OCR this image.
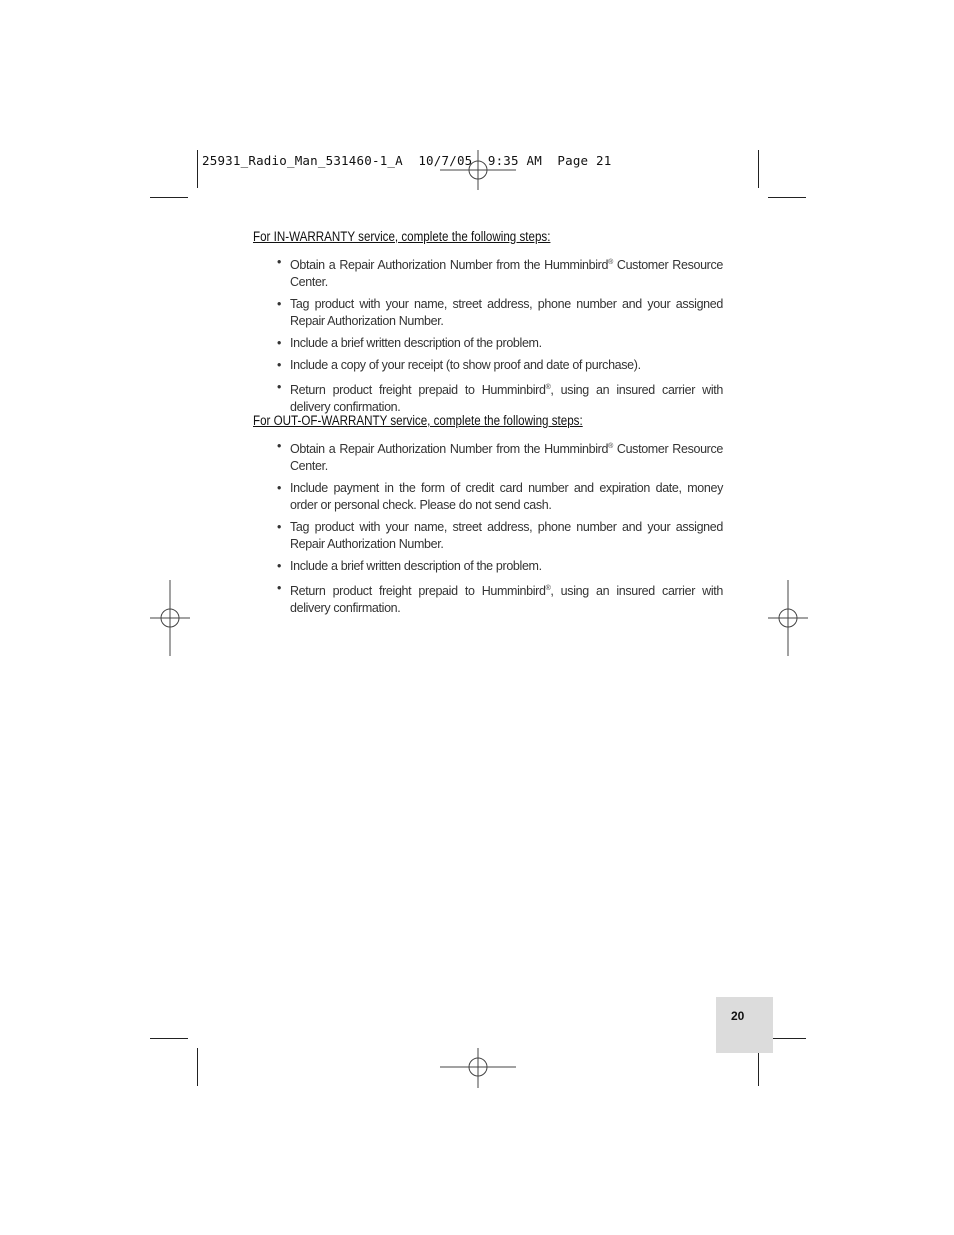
25931_Radio_Man_531460-1_A  10/7/05  9:35 AM  Page 21
For IN-WARRANTY service, complete the following steps:
• Obtain a Repair Authorization Number from the Humminbird® Customer Resource Center.
• Tag product with your name, street address, phone number and your assigned Repair Authorization Number.
• Include a brief written description of the problem.
• Include a copy of your receipt (to show proof and date of purchase).
• Return product freight prepaid to Humminbird®, using an insured carrier with delivery confirmation.
For OUT-OF-WARRANTY service, complete the following steps:
• Obtain a Repair Authorization Number from the Humminbird® Customer Resource Center.
• Include payment in the form of credit card number and expiration date, money order or personal check. Please do not send cash.
• Tag product with your name, street address, phone number and your assigned Repair Authorization Number.
• Include a brief written description of the problem.
• Return product freight prepaid to Humminbird®, using an insured carrier with delivery confirmation.
20
